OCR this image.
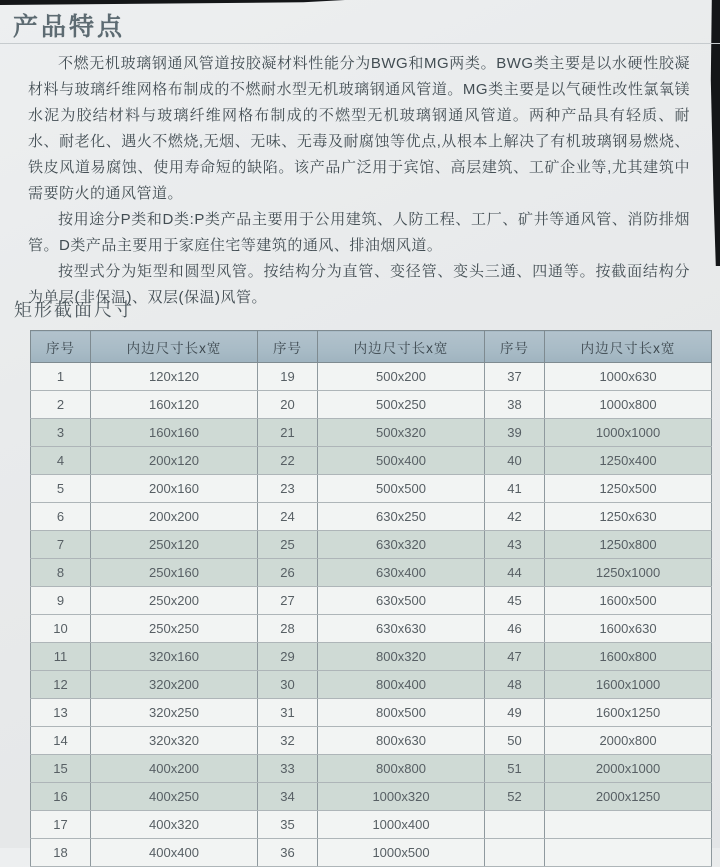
产品特点

不燃无机玻璃钢通风管道按胶凝材料性能分为BWG和MG两类。BWG类主要是以水硬性胶凝材料与玻璃纤维网格布制成的不燃耐水型无机玻璃钢通风管道。MG类主要是以气硬性改性氯氧镁水泥为胶结材料与玻璃纤维网格布制成的不燃型无机玻璃钢通风管道。两种产品具有轻质、耐水、耐老化、遇火不燃烧,无烟、无味、无毒及耐腐蚀等优点,从根本上解决了有机玻璃钢易燃烧、铁皮风道易腐蚀、使用寿命短的缺陷。该产品广泛用于宾馆、高层建筑、工矿企业等,尤其建筑中需要防火的通风管道。

按用途分P类和D类:P类产品主要用于公用建筑、人防工程、工厂、矿井等通风管、消防排烟管。D类产品主要用于家庭住宅等建筑的通风、排油烟风道。

按型式分为矩型和圆型风管。按结构分为直管、变径管、变头三通、四通等。按截面结构分为单层(非保温)、双层(保温)风管。

矩形截面尺寸
序号	内边尺寸长x宽	序号	内边尺寸长x宽	序号	内边尺寸长x宽
1	120x120	19	500x200	37	1000x630
2	160x120	20	500x250	38	1000x800
3	160x160	21	500x320	39	1000x1000
4	200x120	22	500x400	40	1250x400
5	200x160	23	500x500	41	1250x500
6	200x200	24	630x250	42	1250x630
7	250x120	25	630x320	43	1250x800
8	250x160	26	630x400	44	1250x1000
9	250x200	27	630x500	45	1600x500
10	250x250	28	630x630	46	1600x630
11	320x160	29	800x320	47	1600x800
12	320x200	30	800x400	48	1600x1000
13	320x250	31	800x500	49	1600x1250
14	320x320	32	800x630	50	2000x800
15	400x200	33	800x800	51	2000x1000
16	400x250	34	1000x320	52	2000x1250
17	400x320	35	1000x400		
18	400x400	36	1000x500		
